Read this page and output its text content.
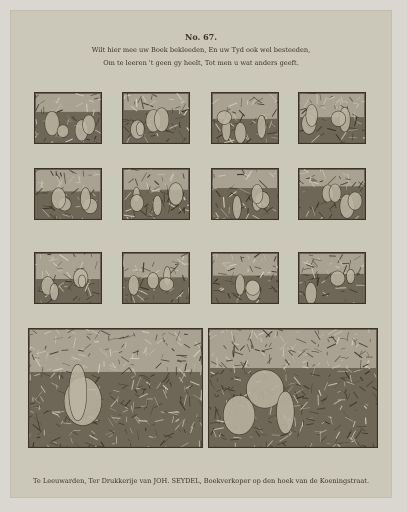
No. 67.
Wilt hier mee uw Boek bekleeden, En uw Tyd ook wel besteeden,
Om te leeren 't geen gy heelt, Tot men u wat anders geeft.
Te Leeuwarden, Ter Drukkerije van JOH. SEYDEL, Boekverkoper op den hoek van de Koeningstraat.
